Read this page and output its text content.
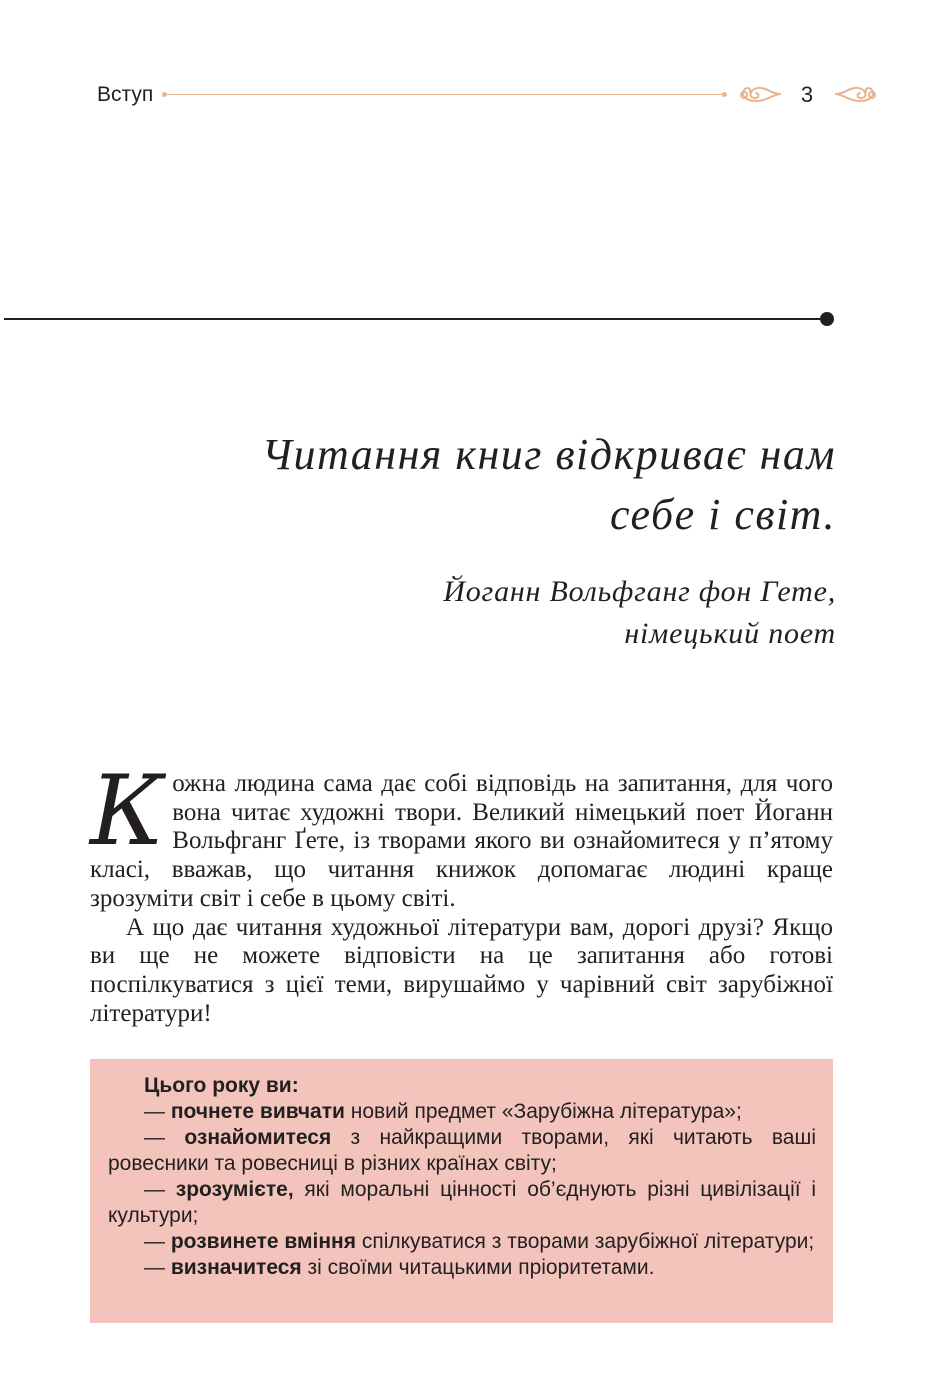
Вступ	3

Читання книг відкриває нам
себе і світ.

Йоганн Вольфганг фон Гете,
німецький поет

Кожна людина сама дає собі відповідь на запитання, для чого вона читає художні твори. Великий німецький поет Йоганн Вольфганг Ґете, із творами якого ви ознайомитеся у п’ятому класі, вважав, що читання книжок допомагає людині краще зрозуміти світ і себе в цьому світі.

А що дає читання художньої літератури вам, дорогі друзі? Якщо ви ще не можете відповісти на це запитання або готові поспілкуватися з цієї теми, вирушаймо у чарівний світ зарубіжної літератури!

Цього року ви:

— почнете вивчати новий предмет «Зарубіжна література»;
— ознайомитеся з найкращими творами, які читають ваші ровесники та ровесниці в різних країнах світу;
— зрозумієте, які моральні цінності об’єднують різні цивілізації і культури;
— розвинете вміння спілкуватися з творами зарубіжної літератури;
— визначитеся зі своїми читацькими пріоритетами.
